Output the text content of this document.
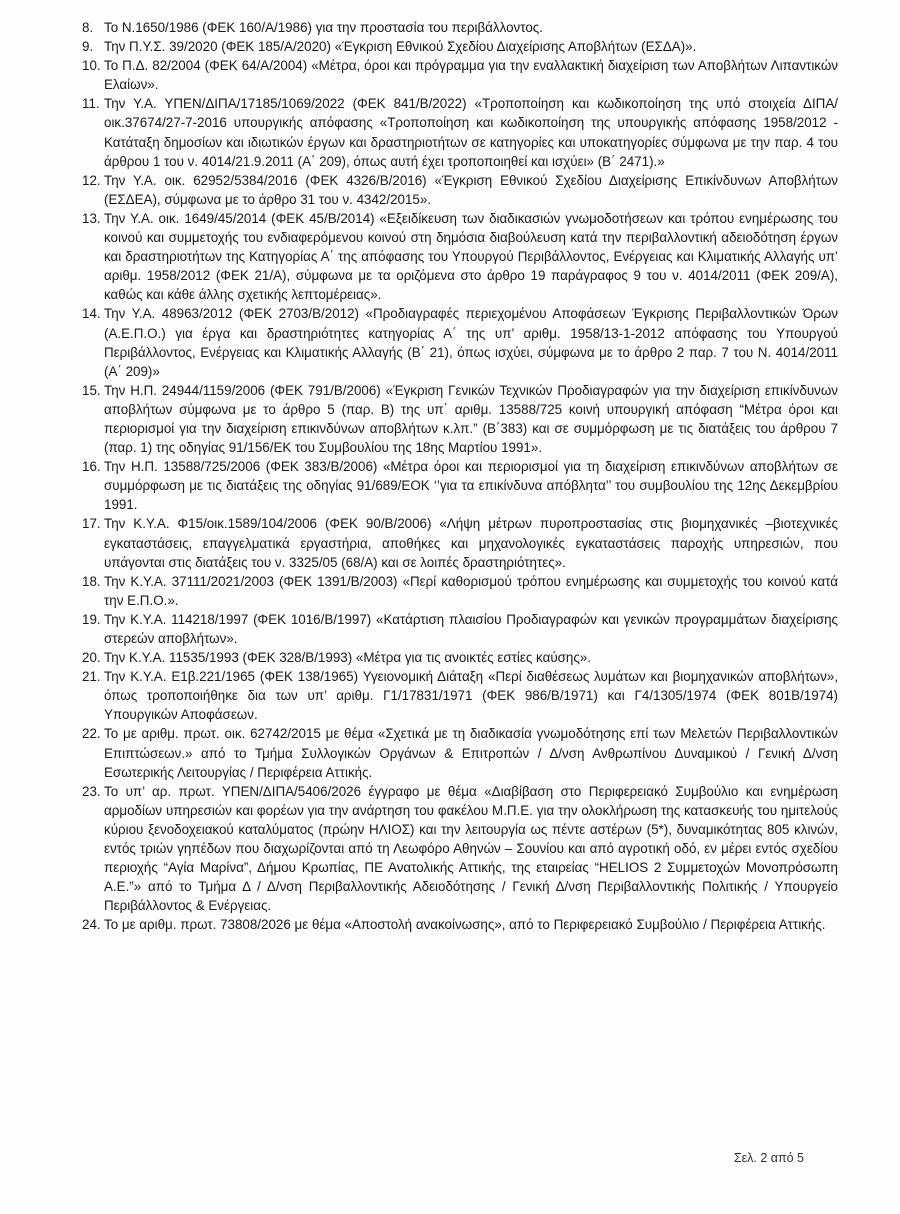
8. Το Ν.1650/1986 (ΦΕΚ 160/Α/1986) για την προστασία του περιβάλλοντος.
9. Την Π.Υ.Σ. 39/2020 (ΦΕΚ 185/Α/2020) «Έγκριση Εθνικού Σχεδίου Διαχείρισης Αποβλήτων (ΕΣΔΑ)».
10. Το Π.Δ. 82/2004 (ΦΕΚ 64/Α/2004) «Μέτρα, όροι και πρόγραμμα για την εναλλακτική διαχείριση των Αποβλήτων Λιπαντικών Ελαίων».
11. Την Υ.Α. ΥΠΕΝ/ΔΙΠΑ/17185/1069/2022 (ΦΕΚ 841/Β/2022) «Τροποποίηση και κωδικοποίηση της υπό στοιχεία ΔΙΠΑ/οικ.37674/27-7-2016 υπουργικής απόφασης «Τροποποίηση και κωδικοποίηση της υπουργικής απόφασης 1958/2012 - Κατάταξη δημοσίων και ιδιωτικών έργων και δραστηριοτήτων σε κατηγορίες και υποκατηγορίες σύμφωνα με την παρ. 4 του άρθρου 1 του ν. 4014/21.9.2011 (Α΄ 209), όπως αυτή έχει τροποποιηθεί και ισχύει» (Β΄ 2471).»
12. Την Υ.Α. οικ. 62952/5384/2016 (ΦΕΚ 4326/Β/2016) «Έγκριση Εθνικού Σχεδίου Διαχείρισης Επικίνδυνων Αποβλήτων (ΕΣΔΕΑ), σύμφωνα με το άρθρο 31 του ν. 4342/2015».
13. Την Υ.Α. οικ. 1649/45/2014 (ΦΕΚ 45/Β/2014) «Εξειδίκευση των διαδικασιών γνωμοδοτήσεων και τρόπου ενημέρωσης του κοινού και συμμετοχής του ενδιαφερόμενου κοινού στη δημόσια διαβούλευση κατά την περιβαλλοντική αδειοδότηση έργων και δραστηριοτήτων της Κατηγορίας Α΄ της απόφασης του Υπουργού Περιβάλλοντος, Ενέργειας και Κλιματικής Αλλαγής υπ’ αριθμ. 1958/2012 (ΦΕΚ 21/Α), σύμφωνα με τα οριζόμενα στο άρθρο 19 παράγραφος 9 του ν. 4014/2011 (ΦΕΚ 209/Α), καθώς και κάθε άλλης σχετικής λεπτομέρειας».
14. Την Υ.Α. 48963/2012 (ΦΕΚ 2703/Β/2012) «Προδιαγραφές περιεχομένου Αποφάσεων Έγκρισης Περιβαλλοντικών Όρων (Α.Ε.Π.Ο.) για έργα και δραστηριότητες κατηγορίας Α΄ της υπ’ αριθμ. 1958/13-1-2012 απόφασης του Υπουργού Περιβάλλοντος, Ενέργειας και Κλιματικής Αλλαγής (Β΄ 21), όπως ισχύει, σύμφωνα με το άρθρο 2 παρ. 7 του Ν. 4014/2011 (Α΄ 209)»
15. Την Η.Π. 24944/1159/2006 (ΦΕΚ 791/Β/2006) «Έγκριση Γενικών Τεχνικών Προδιαγραφών για την διαχείριση επικίνδυνων αποβλήτων σύμφωνα με το άρθρο 5 (παρ. Β) της υπ΄ αριθμ. 13588/725 κοινή υπουργική απόφαση “Μέτρα όροι και περιορισμοί για την διαχείριση επικινδύνων αποβλήτων κ.λπ.” (Β΄383) και σε συμμόρφωση με τις διατάξεις του άρθρου 7 (παρ. 1) της οδηγίας 91/156/ΕΚ του Συμβουλίου της 18ης Μαρτίου 1991».
16. Την Η.Π. 13588/725/2006 (ΦΕΚ 383/Β/2006) «Μέτρα όροι και περιορισμοί για τη διαχείριση επικινδύνων αποβλήτων σε συμμόρφωση με τις διατάξεις της οδηγίας 91/689/ΕΟΚ ‘’για τα επικίνδυνα απόβλητα’’ του συμβουλίου της 12ης Δεκεμβρίου 1991.
17. Την Κ.Υ.Α. Φ15/οικ.1589/104/2006 (ΦΕΚ 90/Β/2006) «Λήψη μέτρων πυροπροστασίας στις βιομηχανικές –βιοτεχνικές εγκαταστάσεις, επαγγελματικά εργαστήρια, αποθήκες και μηχανολογικές εγκαταστάσεις παροχής υπηρεσιών, που υπάγονται στις διατάξεις του ν. 3325/05 (68/Α) και σε λοιπές δραστηριότητες».
18. Την Κ.Υ.Α. 37111/2021/2003 (ΦΕΚ 1391/Β/2003) «Περί καθορισμού τρόπου ενημέρωσης και συμμετοχής του κοινού κατά την Ε.Π.Ο.».
19. Την Κ.Υ.Α. 114218/1997 (ΦΕΚ 1016/Β/1997) «Κατάρτιση πλαισίου Προδιαγραφών και γενικών προγραμμάτων διαχείρισης στερεών αποβλήτων».
20. Την Κ.Υ.Α. 11535/1993 (ΦΕΚ 328/Β/1993) «Μέτρα για τις ανοικτές εστίες καύσης».
21. Την Κ.Υ.Α. Ε1β.221/1965 (ΦΕΚ 138/1965) Υγειονομική Διάταξη «Περί διαθέσεως λυμάτων και βιομηχανικών αποβλήτων», όπως τροποποιήθηκε δια των υπ’ αριθμ. Γ1/17831/1971 (ΦΕΚ 986/Β/1971) και Γ4/1305/1974 (ΦΕΚ 801Β/1974) Υπουργικών Αποφάσεων.
22. Το με αριθμ. πρωτ. οικ. 62742/2015 με θέμα «Σχετικά με τη διαδικασία γνωμοδότησης επί των Μελετών Περιβαλλοντικών Επιπτώσεων.» από το Τμήμα Συλλογικών Οργάνων & Επιτροπών / Δ/νση Ανθρωπίνου Δυναμικού / Γενική Δ/νση Εσωτερικής Λειτουργίας / Περιφέρεια Αττικής.
23. Το υπ’ αρ. πρωτ. ΥΠΕΝ/ΔΙΠΑ/5406/2026 έγγραφο με θέμα «Διαβίβαση στο Περιφερειακό Συμβούλιο και ενημέρωση αρμοδίων υπηρεσιών και φορέων για την ανάρτηση του φακέλου Μ.Π.Ε. για την ολοκλήρωση της κατασκευής του ημιτελούς κύριου ξενοδοχειακού καταλύματος (πρώην ΗΛΙΟΣ) και την λειτουργία ως πέντε αστέρων (5*), δυναμικότητας 805 κλινών, εντός τριών γηπέδων που διαχωρίζονται από τη Λεωφόρο Αθηνών – Σουνίου και από αγροτική οδό, εν μέρει εντός σχεδίου περιοχής “Αγία Μαρίνα”, Δήμου Κρωπίας, ΠΕ Ανατολικής Αττικής, της εταιρείας “HELIOS 2 Συμμετοχών Μονοπρόσωπη Α.Ε.”» από το Τμήμα Δ / Δ/νση Περιβαλλοντικής Αδειοδότησης / Γενική Δ/νση Περιβαλλοντικής Πολιτικής / Υπουργείο Περιβάλλοντος & Ενέργειας.
24. Το με αριθμ. πρωτ. 73808/2026 με θέμα «Αποστολή ανακοίνωσης», από το Περιφερειακό Συμβούλιο / Περιφέρεια Αττικής.
Σελ. 2 από 5
